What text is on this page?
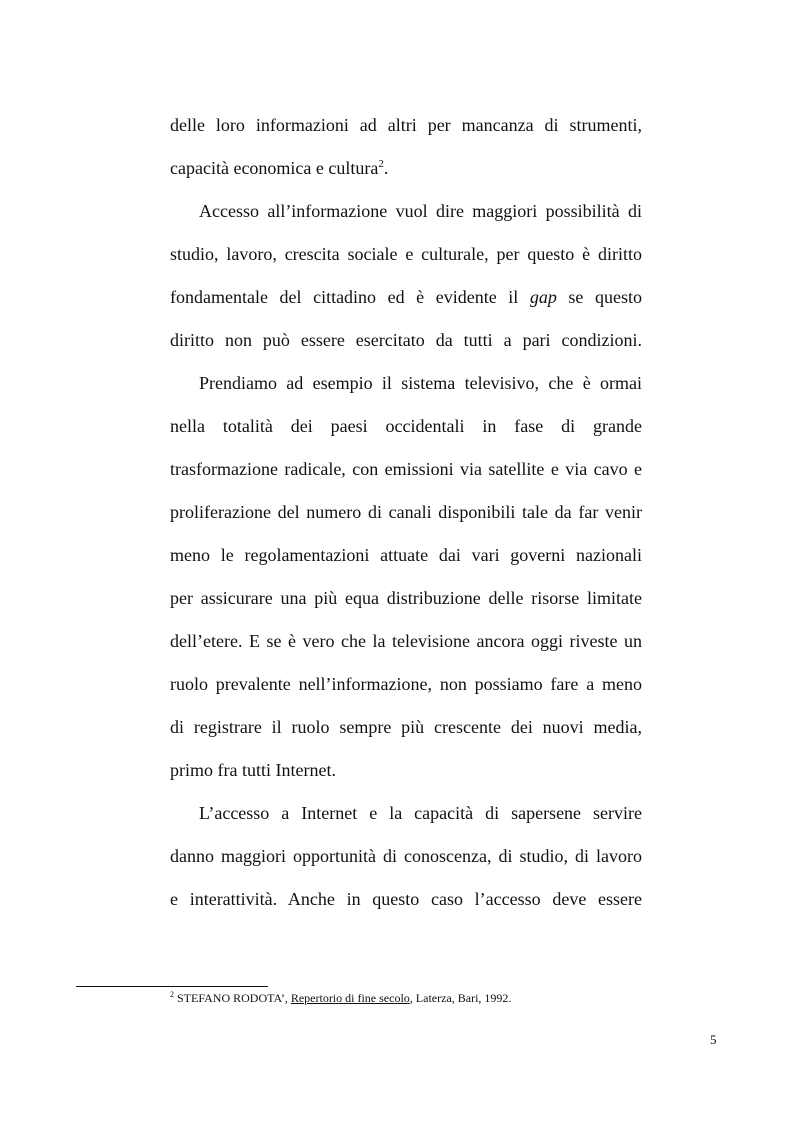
delle loro informazioni ad altri per mancanza di strumenti,
capacità economica e cultura$^2$.
Accesso all’informazione vuol dire maggiori possibilità di
studio, lavoro, crescita sociale e culturale, per questo è diritto
fondamentale del cittadino ed è evidente il gap se questo
diritto non può essere esercitato da tutti a pari condizioni.
Prendiamo ad esempio il sistema televisivo, che è ormai
nella totalità dei paesi occidentali in fase di grande
trasformazione radicale, con emissioni via satellite e via cavo e
proliferazione del numero di canali disponibili tale da far venir
meno le regolamentazioni attuate dai vari governi nazionali
per assicurare una più equa distribuzione delle risorse limitate
dell’etere. E se è vero che la televisione ancora oggi riveste un
ruolo prevalente nell’informazione, non possiamo fare a meno
di registrare il ruolo sempre più crescente dei nuovi media,
primo fra tutti Internet.
L’accesso a Internet e la capacità di sapersene servire
danno maggiori opportunità di conoscenza, di studio, di lavoro
e interattività. Anche in questo caso l’accesso deve essere
$^2$ STEFANO RODOTA’, Repertorio di fine secolo, Laterza, Bari, 1992.
5
